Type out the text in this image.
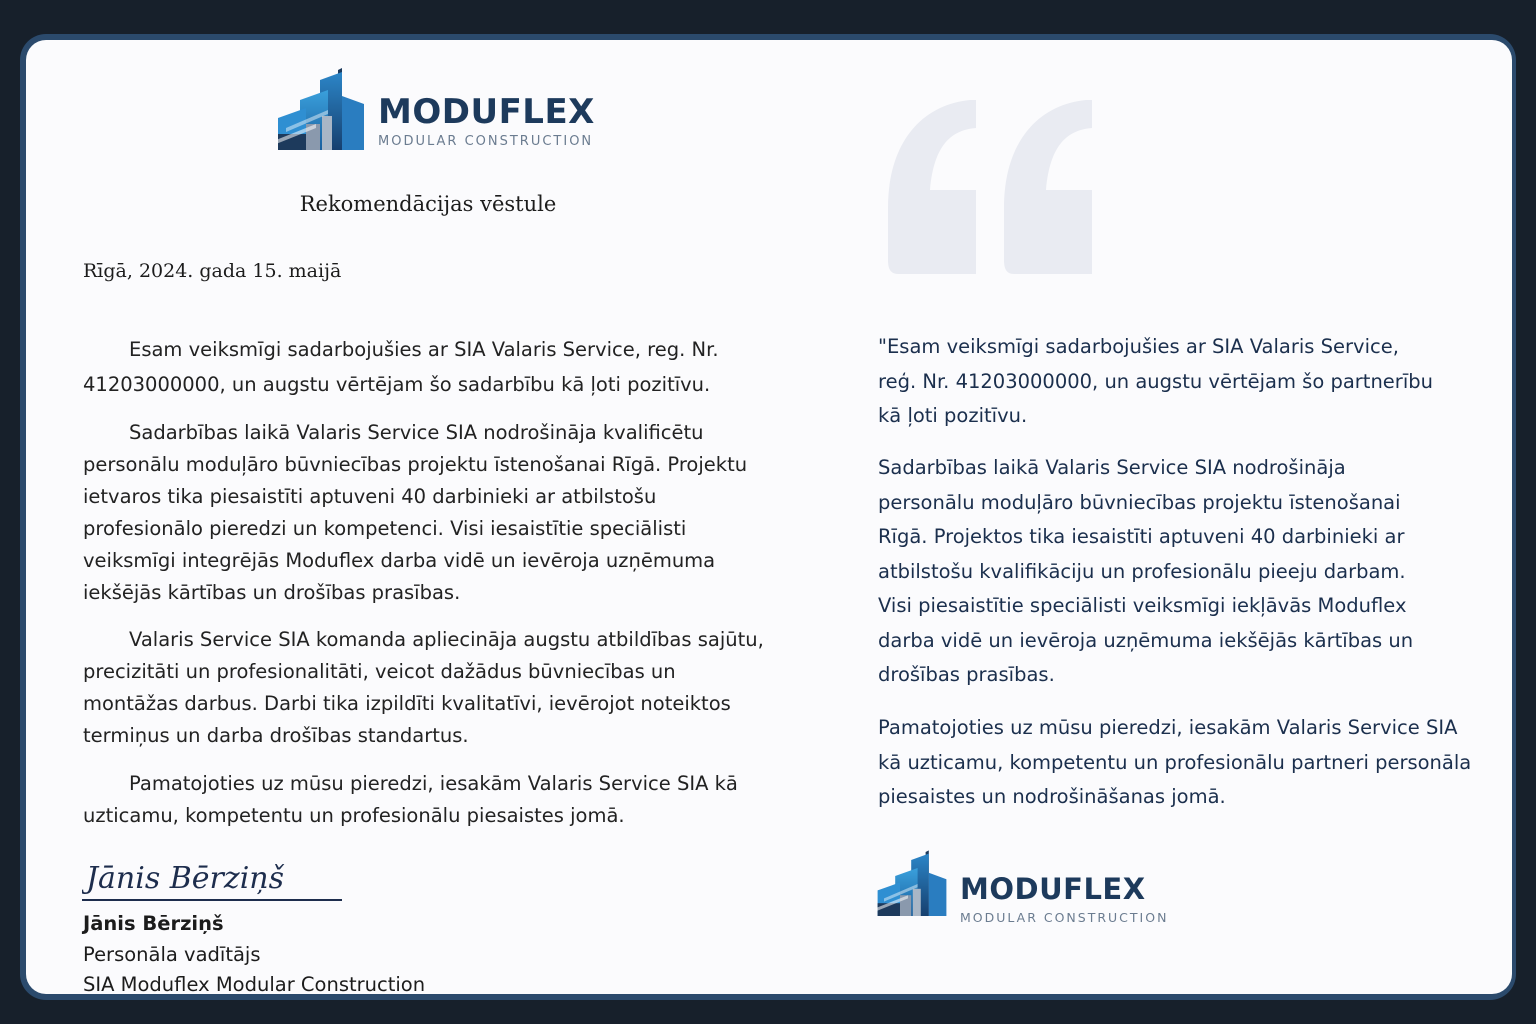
MODUFLEX
MODULAR CONSTRUCTION
Rekomendācijas vēstule
Rīgā, 2024. gada 15. maijā

Esam veiksmīgi sadarbojušies ar SIA Valaris Service, reg. Nr. 41203000000, un augstu vērtējam šo sadarbību kā ļoti pozitīvu.

Sadarbības laikā Valaris Service SIA nodrošināja kvalificētu personālu moduļāro būvniecības projektu īstenošanai Rīgā. Projektu ietvaros tika piesaistīti aptuveni 40 darbinieki ar atbilstošu profesionālo pieredzi un kompetenci. Visi iesaistītie speciālisti veiksmīgi integrējās Moduflex darba vidē un ievēroja uzņēmuma iekšējās kārtības un drošības prasības.

Valaris Service SIA komanda apliecināja augstu atbildības sajūtu, precizitāti un profesionalitāti, veicot dažādus būvniecības un montāžas darbus. Darbi tika izpildīti kvalitatīvi, ievērojot noteiktos termiņus un darba drošības standartus.

Pamatojoties uz mūsu pieredzi, iesakām Valaris Service SIA kā uzticamu, kompetentu un profesionālu piesaistes jomā.

Jānis Bērziņš
Jānis Bērziņš
Personāla vadītājs
SIA Moduflex Modular Construction

"Esam veiksmīgi sadarbojušies ar SIA Valaris Service, reģ. Nr. 41203000000, un augstu vērtējam šo partnerību kā ļoti pozitīvu.

Sadarbības laikā Valaris Service SIA nodrošināja personālu moduļāro būvniecības projektu īstenošanai Rīgā. Projektos tika iesaistīti aptuveni 40 darbinieki ar atbilstošu kvalifikāciju un profesionālu pieeju darbam. Visi piesaistītie speciālisti veiksmīgi iekļāvās Moduflex darba vidē un ievēroja uzņēmuma iekšējās kārtības un drošības prasības.

Pamatojoties uz mūsu pieredzi, iesakām Valaris Service SIA kā uzticamu, kompetentu un profesionālu partneri personāla piesaistes un nodrošināšanas jomā.

MODUFLEX
MODULAR CONSTRUCTION
